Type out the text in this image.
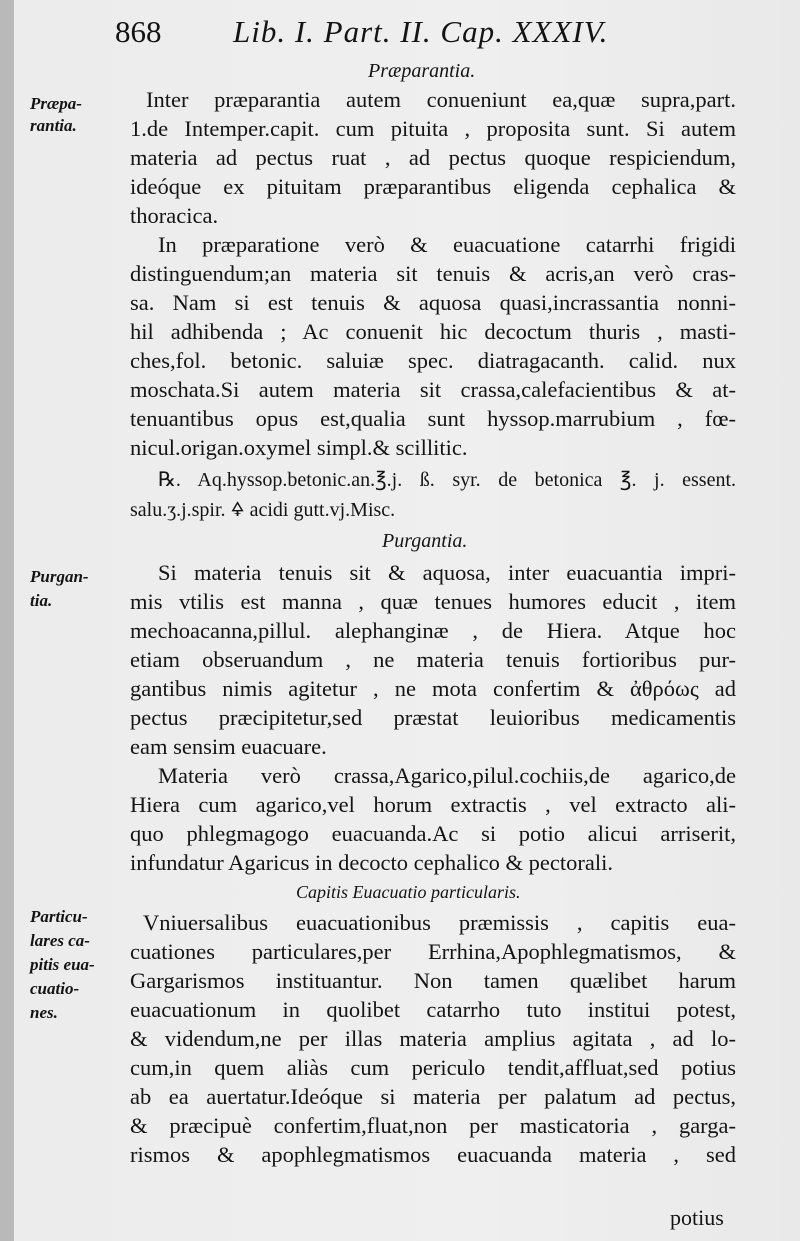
868 Lib. I. Part. II. Cap. XXXIV.
Præparantia.
Præpa-
rantia.
Inter præparantia autem conueniunt ea,quæ supra,part.
1.de Intemper.capit. cum pituita , proposita sunt. Si autem
materia ad pectus ruat , ad pectus quoque respiciendum,
ideóque ex pituitam præparantibus eligenda cephalica &
thoracica.
In præparatione verò & euacuatione catarrhi frigidi
distinguendum;an materia sit tenuis & acris,an verò cras-
sa. Nam si est tenuis & aquosa quasi,incrassantia nonni-
hil adhibenda ; Ac conuenit hic decoctum thuris , masti-
ches,fol. betonic. saluiæ spec. diatragacanth. calid. nux
moschata.Si autem materia sit crassa,calefacientibus & at-
tenuantibus opus est,qualia sunt hyssop.marrubium , fœ-
nicul.origan.oxymel simpl.& scillitic.
℞. Aq.hyssop.betonic.an.℥.j. ß. syr. de betonica ℥. j. essent.
salu.ʒ.j.spir. 🜍 acidi gutt.vj.Misc.
Purgantia.
Purgan-
tia.
Si materia tenuis sit & aquosa, inter euacuantia impri-
mis vtilis est manna , quæ tenues humores educit , item
mechoacanna,pillul. alephanginæ , de Hiera. Atque hoc
etiam obseruandum , ne materia tenuis fortioribus pur-
gantibus nimis agitetur , ne mota confertim & ἀθρόως ad
pectus præcipitetur,sed præstat leuioribus medicamentis
eam sensim euacuare.
Materia verò crassa,Agarico,pilul.cochiis,de agarico,de
Hiera cum agarico,vel horum extractis , vel extracto ali-
quo phlegmagogo euacuanda.Ac si potio alicui arriserit,
infundatur Agaricus in decocto cephalico & pectorali.
Capitis Euacuatio particularis.
Particu-
lares ca-
pitis eua-
cuatio-
nes.
Vniuersalibus euacuationibus præmissis , capitis eua-
cuationes particulares,per Errhina,Apophlegmatismos, &
Gargarismos instituantur. Non tamen quælibet harum
euacuationum in quolibet catarrho tuto institui potest,
& videndum,ne per illas materia amplius agitata , ad lo-
cum,in quem aliàs cum periculo tendit,affluat,sed potius
ab ea auertatur.Ideóque si materia per palatum ad pectus,
& præcipuè confertim,fluat,non per masticatoria , garga-
rismos & apophlegmatismos euacuanda materia , sed
potius
